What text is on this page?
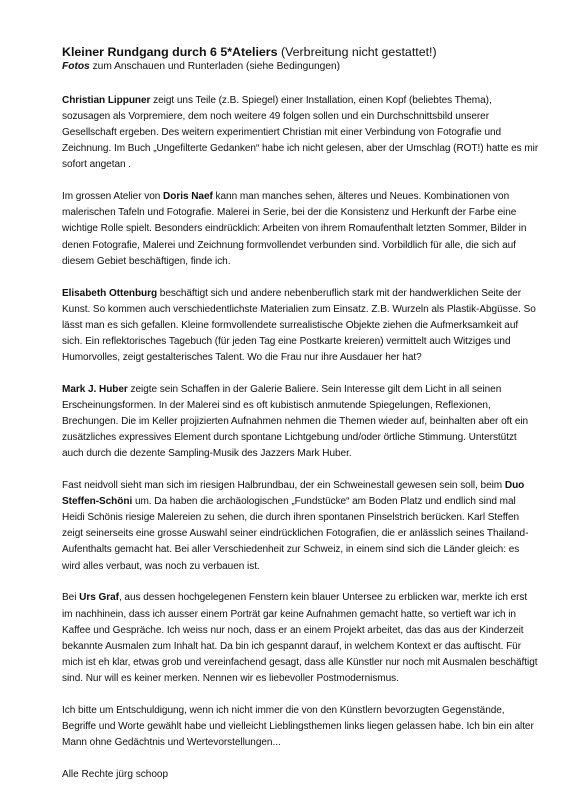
Kleiner Rundgang durch 6 5*Ateliers (Verbreitung nicht gestattet!)

Fotos zum Anschauen und Runterladen (siehe Bedingungen)

Christian Lippuner zeigt uns Teile (z.B. Spiegel) einer Installation, einen Kopf (beliebtes Thema), sozusagen als Vorpremiere, dem noch weitere 49 folgen sollen und ein Durchschnittsbild unserer Gesellschaft ergeben. Des weitern experimentiert Christian mit einer Verbindung von Fotografie und Zeichnung. Im Buch „Ungefilterte Gedanken“ habe ich nicht gelesen, aber der Umschlag (ROT!) hatte es mir sofort angetan .

Im grossen Atelier von Doris Naef kann man manches sehen, älteres und Neues. Kombinationen von malerischen Tafeln und Fotografie. Malerei in Serie, bei der die Konsistenz und Herkunft der Farbe eine wichtige Rolle spielt. Besonders eindrücklich: Arbeiten von ihrem Romaufenthalt letzten Sommer, Bilder in denen Fotografie, Malerei und Zeichnung formvollendet verbunden sind. Vorbildlich für alle, die sich auf diesem Gebiet beschäftigen, finde ich.

Elisabeth Ottenburg beschäftigt sich und andere nebenberuflich stark mit der handwerklichen Seite der Kunst. So kommen auch verschiedentlichste Materialien zum Einsatz. Z.B. Wurzeln als Plastik-Abgüsse. So lässt man es sich gefallen. Kleine formvollendete surrealistische Objekte ziehen die Aufmerksamkeit auf sich. Ein reflektorisches Tagebuch (für jeden Tag eine Postkarte kreieren) vermittelt auch Witziges und Humorvolles, zeigt gestalterisches Talent. Wo die Frau nur ihre Ausdauer her hat?

Mark J. Huber zeigte sein Schaffen in der Galerie Baliere. Sein Interesse gilt dem Licht in all seinen Erscheinungsformen. In der Malerei sind es oft kubistisch anmutende Spiegelungen, Reflexionen, Brechungen. Die im Keller projizierten Aufnahmen nehmen die Themen wieder auf, beinhalten aber oft ein zusätzliches expressives Element durch spontane Lichtgebung und/oder örtliche Stimmung. Unterstützt auch durch die dezente Sampling-Musik des Jazzers Mark Huber.

Fast neidvoll sieht man sich im riesigen Halbrundbau, der ein Schweinestall gewesen sein soll, beim Duo Steffen-Schöni um. Da haben die archäologischen „Fundstücke“ am Boden Platz und endlich sind mal Heidi Schönis riesige Malereien zu sehen, die durch ihren spontanen Pinselstrich berücken. Karl Steffen zeigt seinerseits eine grosse Auswahl seiner eindrücklichen Fotografien, die er anlässlich seines Thailand-Aufenthalts gemacht hat. Bei aller Verschiedenheit zur Schweiz, in einem sind sich die Länder gleich: es wird alles verbaut, was noch zu verbauen ist.

Bei Urs Graf, aus dessen hochgelegenen Fenstern kein blauer Untersee zu erblicken war, merkte ich erst im nachhinein, dass ich ausser einem Porträt gar keine Aufnahmen gemacht hatte, so vertieft war ich in Kaffee und Gespräche. Ich weiss nur noch, dass er an einem Projekt arbeitet, das das aus der Kinderzeit bekannte Ausmalen zum Inhalt hat. Da bin ich gespannt darauf, in welchem Kontext er das auftischt. Für mich ist eh klar, etwas grob und vereinfachend gesagt, dass alle Künstler nur noch mit Ausmalen beschäftigt sind. Nur will es keiner merken. Nennen wir es liebevoller Postmodernismus.

Ich bitte um Entschuldigung, wenn ich nicht immer die von den Künstlern bevorzugten Gegenstände, Begriffe und Worte gewählt habe und vielleicht Lieblingsthemen links liegen gelassen habe. Ich bin ein alter Mann ohne Gedächtnis und Wertevorstellungen...

Alle Rechte jürg schoop
